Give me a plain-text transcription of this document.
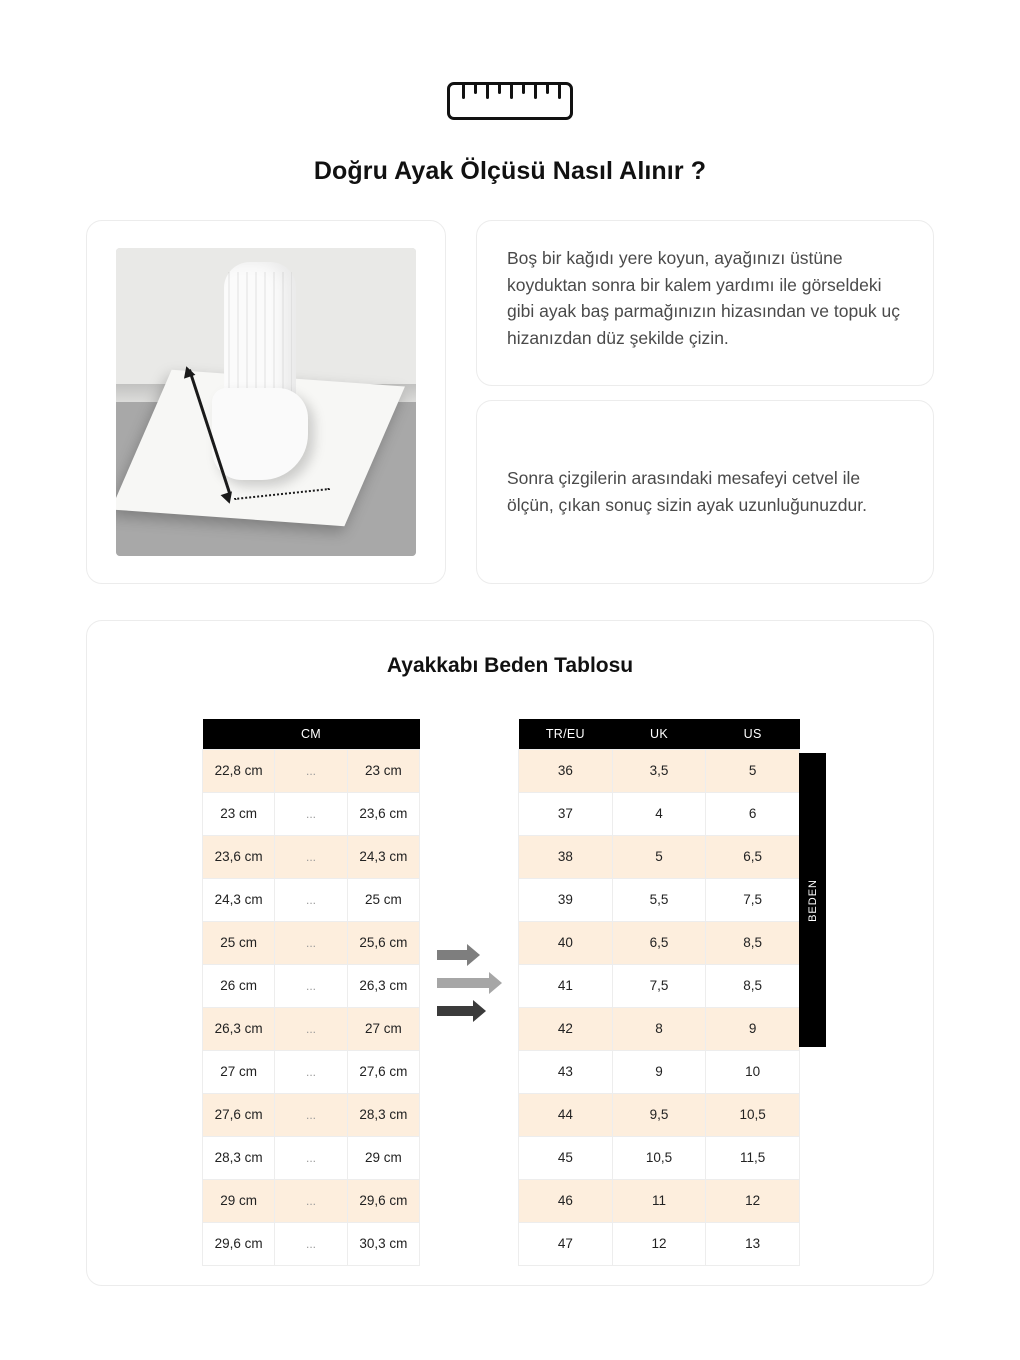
Doğru Ayak Ölçüsü Nasıl Alınır ?

Boş bir kağıdı yere koyun, ayağınızı üstüne koyduktan sonra bir kalem yardımı ile görseldeki gibi ayak baş parmağınızın hizasından ve topuk uç hizanızdan düz şekilde çizin.

Sonra çizgilerin arasındaki mesafeyi cetvel ile ölçün, çıkan sonuç sizin ayak uzunluğunuzdur.

Ayakkabı Beden Tablosu
CM		
22,8 cm	...	23 cm
23 cm	...	23,6 cm
23,6 cm	...	24,3 cm
24,3 cm	...	25 cm
25 cm	...	25,6 cm
26 cm	...	26,3 cm
26,3 cm	...	27 cm
27 cm	...	27,6 cm
27,6 cm	...	28,3 cm
28,3 cm	...	29 cm
29 cm	...	29,6 cm
29,6 cm	...	30,3 cm
TR/EU	UK	US
36	3,5	5
37	4	6
38	5	6,5
39	5,5	7,5
40	6,5	8,5
41	7,5	8,5
42	8	9
43	9	10
44	9,5	10,5
45	10,5	11,5
46	11	12
47	12	13
BEDEN
